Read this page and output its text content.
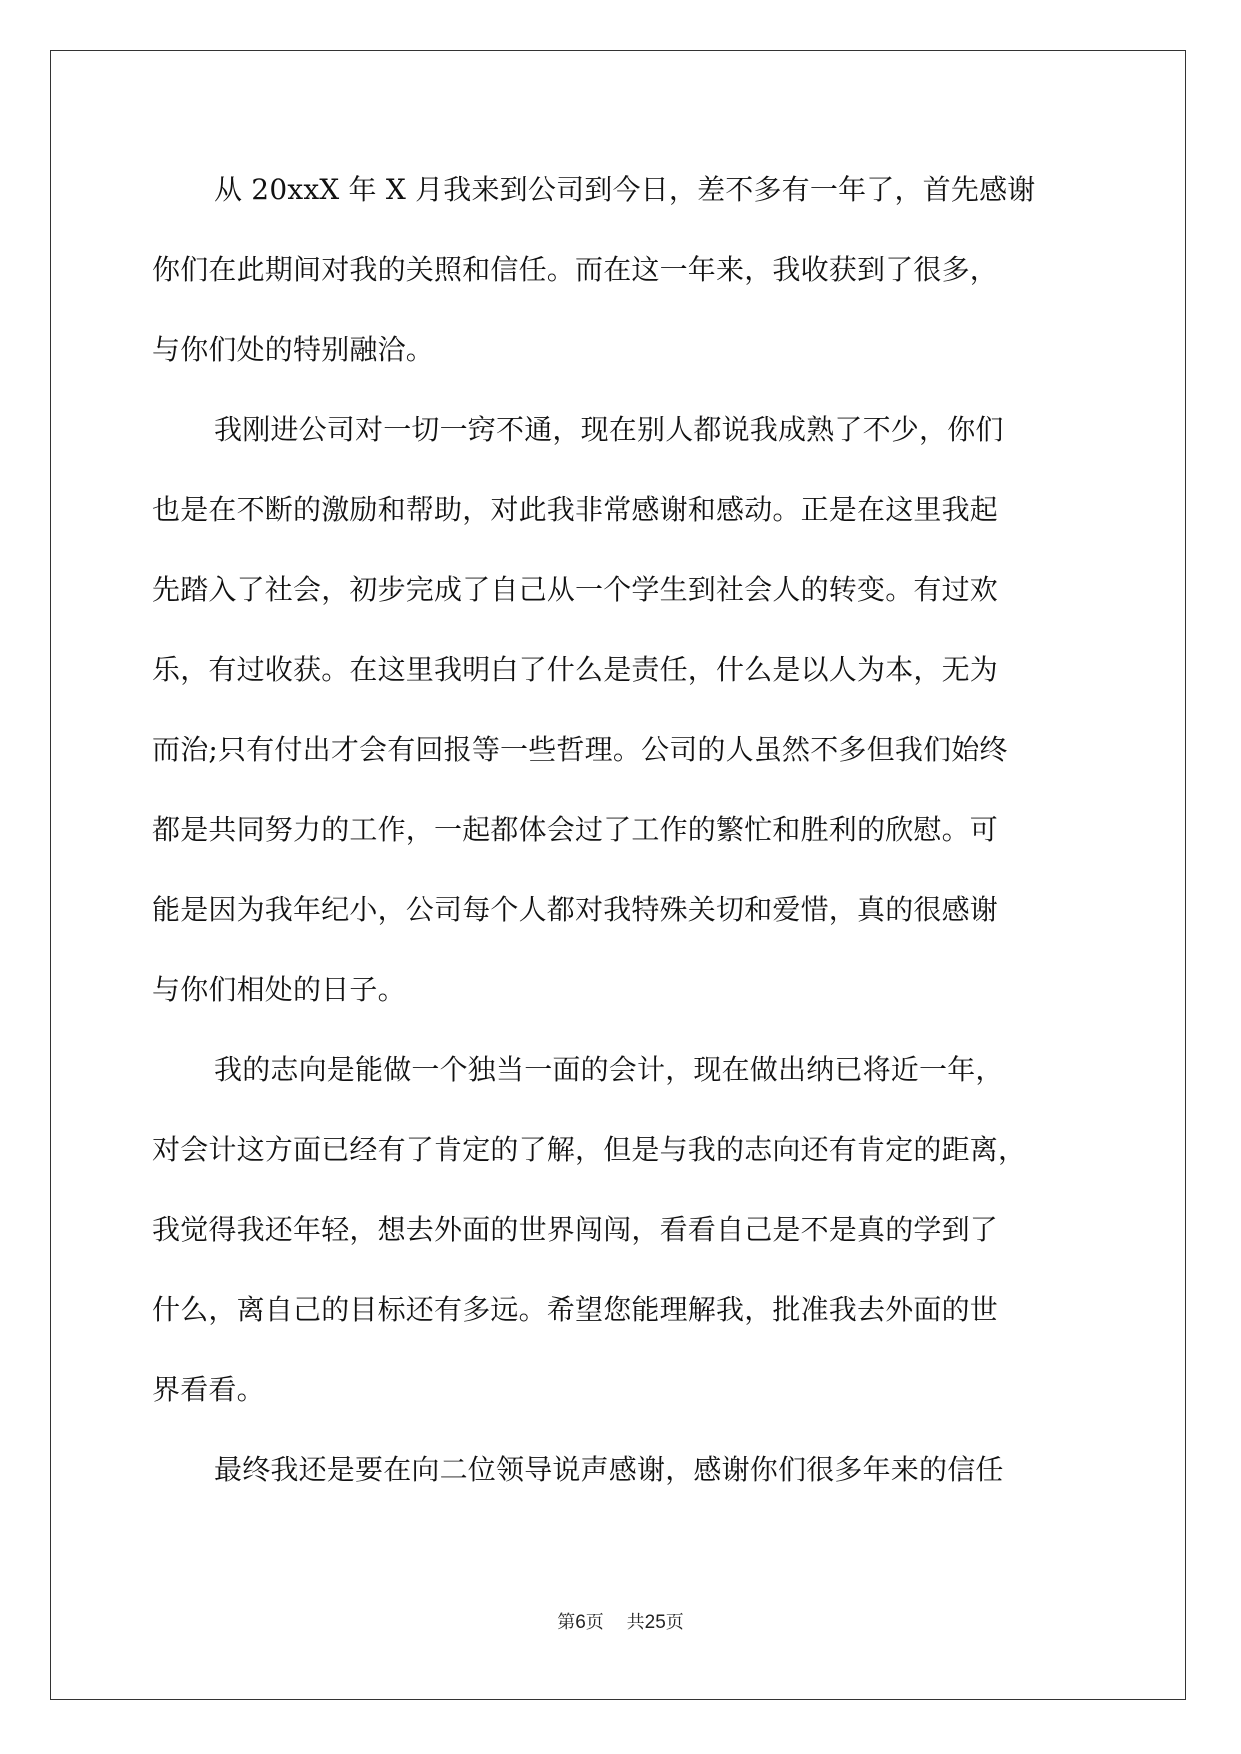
从 20xxX 年 X 月我来到公司到今日，差不多有一年了，首先感谢
你们在此期间对我的关照和信任。而在这一年来，我收获到了很多，
与你们处的特别融洽。
我刚进公司对一切一窍不通，现在别人都说我成熟了不少，你们
也是在不断的激励和帮助，对此我非常感谢和感动。正是在这里我起
先踏入了社会，初步完成了自己从一个学生到社会人的转变。有过欢
乐，有过收获。在这里我明白了什么是责任，什么是以人为本，无为
而治;只有付出才会有回报等一些哲理。公司的人虽然不多但我们始终
都是共同努力的工作，一起都体会过了工作的繁忙和胜利的欣慰。可
能是因为我年纪小，公司每个人都对我特殊关切和爱惜，真的很感谢
与你们相处的日子。
我的志向是能做一个独当一面的会计，现在做出纳已将近一年，
对会计这方面已经有了肯定的了解，但是与我的志向还有肯定的距离，
我觉得我还年轻，想去外面的世界闯闯，看看自己是不是真的学到了
什么，离自己的目标还有多远。希望您能理解我，批准我去外面的世
界看看。
最终我还是要在向二位领导说声感谢，感谢你们很多年来的信任
第6页 共25页
